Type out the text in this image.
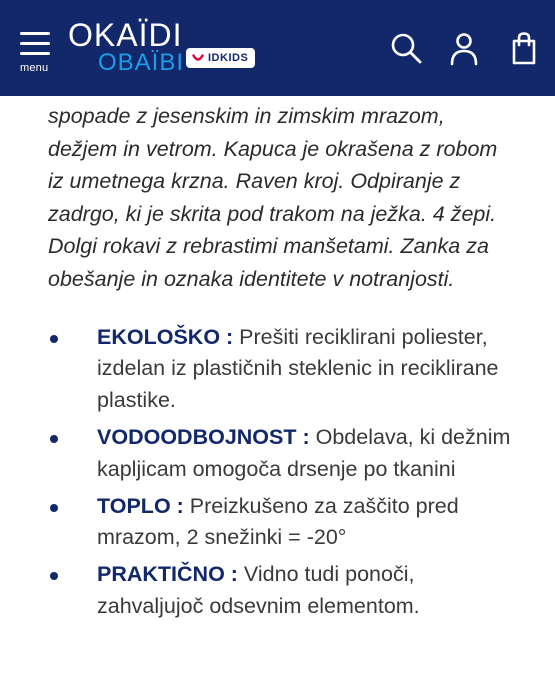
menu
OKAÏDI
OBAÏBI	IDKIDS

spopade z jesenskim in zimskim mrazom, dežjem in vetrom. Kapuca je okrašena z robom iz umetnega krzna. Raven kroj. Odpiranje z zadrgo, ki je skrita pod trakom na ježka. 4 žepi. Dolgi rokavi z rebrastimi manšetami. Zanka za obešanje in oznaka identitete v notranjosti.

EKOLOŠKO : Prešiti reciklirani poliester, izdelan iz plastičnih steklenic in reciklirane plastike.
VODOODBOJNOST : Obdelava, ki dežnim kapljicam omogoča drsenje po tkanini
TOPLO : Preizkušeno za zaščito pred mrazom, 2 snežinki = -20°
PRAKTIČNO : Vidno tudi ponoči, zahvaljujoč odsevnim elementom.
